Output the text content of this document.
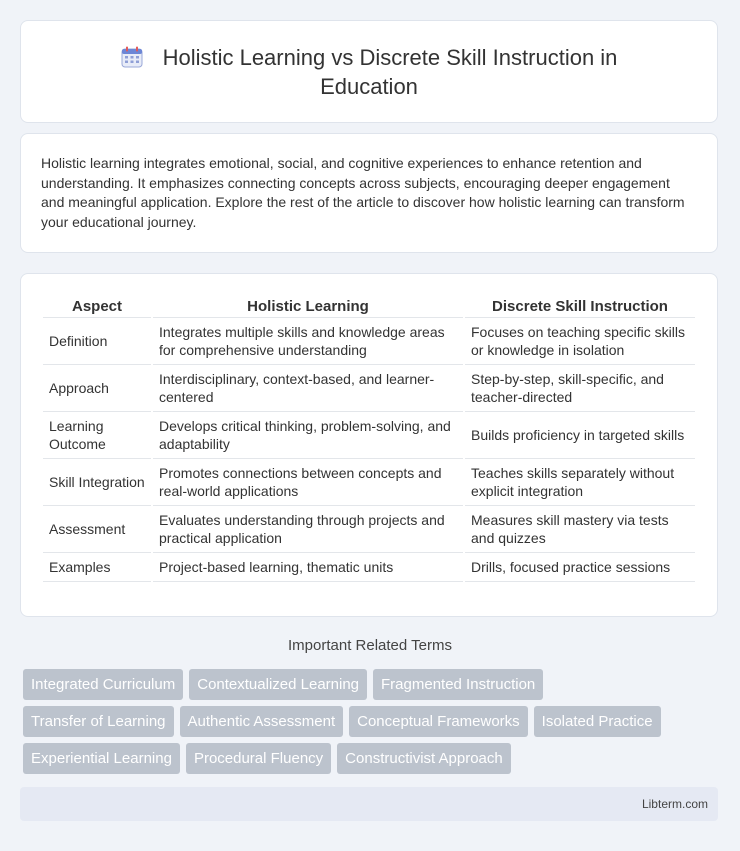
Holistic Learning vs Discrete Skill Instruction in Education
Holistic learning integrates emotional, social, and cognitive experiences to enhance retention and understanding. It emphasizes connecting concepts across subjects, encouraging deeper engagement and meaningful application. Explore the rest of the article to discover how holistic learning can transform your educational journey.
Aspect	Holistic Learning	Discrete Skill Instruction
Definition	Integrates multiple skills and knowledge areas for comprehensive understanding	Focuses on teaching specific skills or knowledge in isolation
Approach	Interdisciplinary, context-based, and learner-centered	Step-by-step, skill-specific, and teacher-directed
Learning Outcome	Develops critical thinking, problem-solving, and adaptability	Builds proficiency in targeted skills
Skill Integration	Promotes connections between concepts and real-world applications	Teaches skills separately without explicit integration
Assessment	Evaluates understanding through projects and practical application	Measures skill mastery via tests and quizzes
Examples	Project-based learning, thematic units	Drills, focused practice sessions
Important Related Terms
Integrated Curriculum	Contextualized Learning	Fragmented Instruction
Transfer of Learning	Authentic Assessment	Conceptual Frameworks	Isolated Practice
Experiential Learning	Procedural Fluency	Constructivist Approach
Libterm.com
